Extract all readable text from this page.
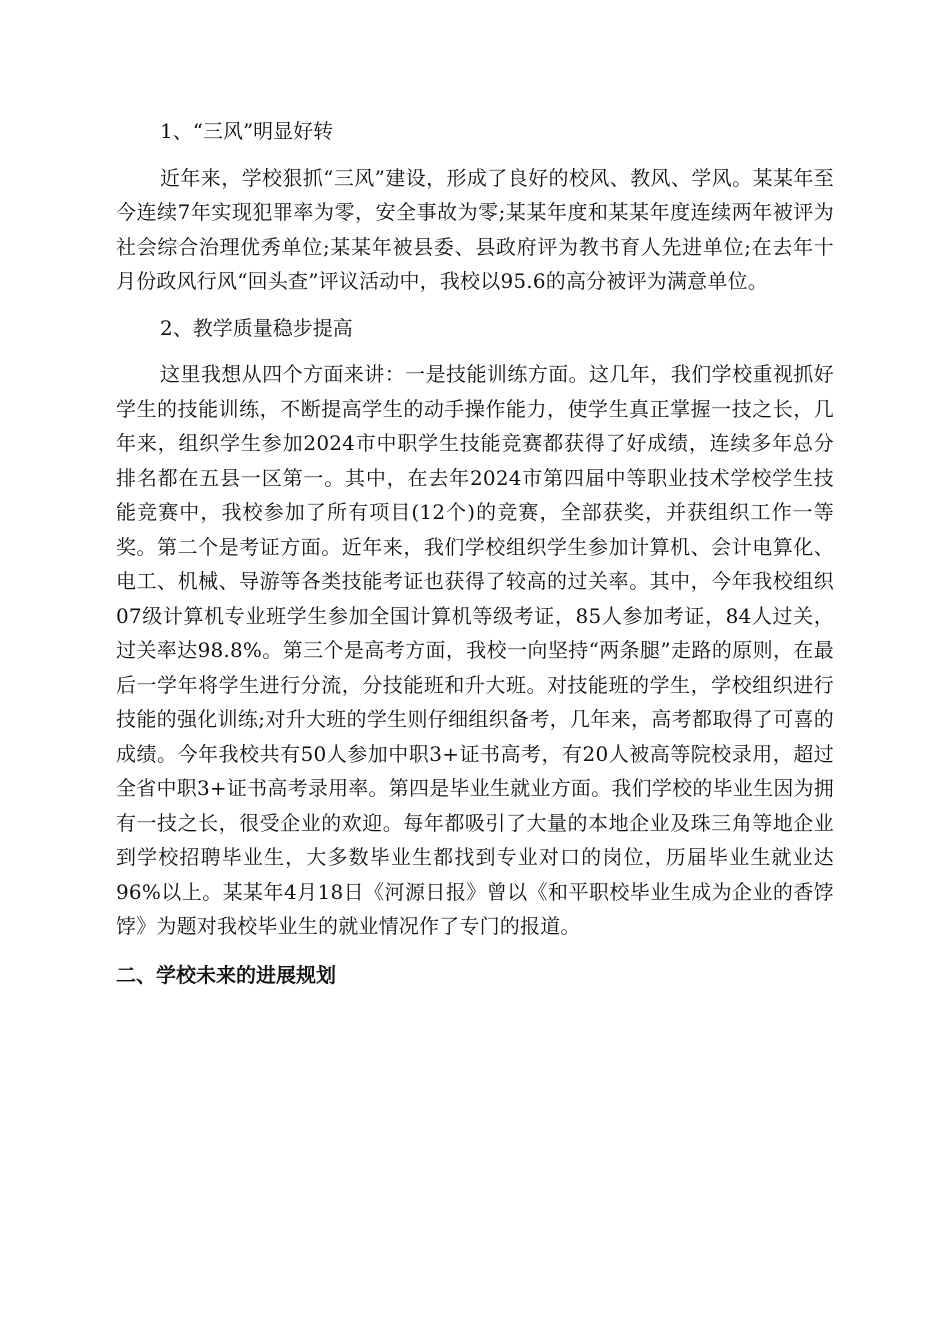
1、“三风”明显好转

近年来，学校狠抓“三风”建设，形成了良好的校风、教风、学风。某某年至今连续7年实现犯罪率为零，安全事故为零;某某年度和某某年度连续两年被评为社会综合治理优秀单位;某某年被县委、县政府评为教书育人先进单位;在去年十月份政风行风“回头查”评议活动中，我校以95.6的高分被评为满意单位。

2、教学质量稳步提高

这里我想从四个方面来讲：一是技能训练方面。这几年，我们学校重视抓好学生的技能训练，不断提高学生的动手操作能力，使学生真正掌握一技之长，几年来，组织学生参加2024市中职学生技能竞赛都获得了好成绩，连续多年总分排名都在五县一区第一。其中，在去年2024市第四届中等职业技术学校学生技能竞赛中，我校参加了所有项目(12个)的竞赛，全部获奖，并获组织工作一等奖。第二个是考证方面。近年来，我们学校组织学生参加计算机、会计电算化、电工、机械、导游等各类技能考证也获得了较高的过关率。其中，今年我校组织07级计算机专业班学生参加全国计算机等级考证，85人参加考证，84人过关，过关率达98.8%。第三个是高考方面，我校一向坚持“两条腿”走路的原则，在最后一学年将学生进行分流，分技能班和升大班。对技能班的学生，学校组织进行技能的强化训练;对升大班的学生则仔细组织备考，几年来，高考都取得了可喜的成绩。今年我校共有50人参加中职3+证书高考，有20人被高等院校录用，超过全省中职3+证书高考录用率。第四是毕业生就业方面。我们学校的毕业生因为拥有一技之长，很受企业的欢迎。每年都吸引了大量的本地企业及珠三角等地企业到学校招聘毕业生，大多数毕业生都找到专业对口的岗位，历届毕业生就业达96%以上。某某年4月18日《河源日报》曾以《和平职校毕业生成为企业的香饽饽》为题对我校毕业生的就业情况作了专门的报道。

二、学校未来的进展规划
